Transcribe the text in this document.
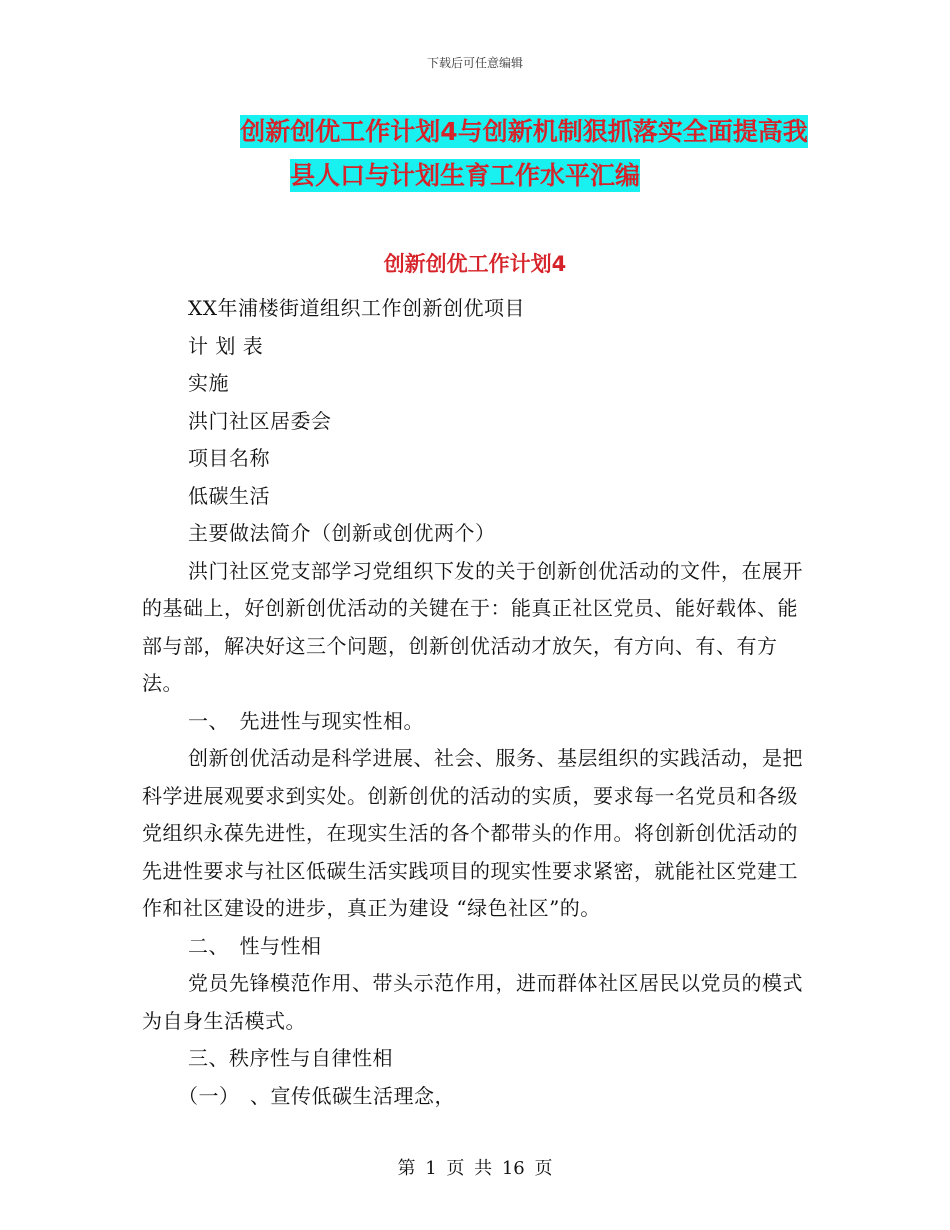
下载后可任意编辑
创新创优工作计划4与创新机制狠抓落实全面提高我
县人口与计划生育工作水平汇编
创新创优工作计划4

XX年浦楼街道组织工作创新创优项目

计 划 表

实施

洪门社区居委会

项目名称

低碳生活

主要做法简介（创新或创优两个）

洪门社区党支部学习党组织下发的关于创新创优活动的文件，在展开的基础上，好创新创优活动的关键在于：能真正社区党员、能好载体、能部与部，解决好这三个问题，创新创优活动才放矢，有方向、有、有方法。

一、　先进性与现实性相。

创新创优活动是科学进展、社会、服务、基层组织的实践活动，是把科学进展观要求到实处。创新创优的活动的实质，要求每一名党员和各级党组织永葆先进性，在现实生活的各个都带头的作用。将创新创优活动的先进性要求与社区低碳生活实践项目的现实性要求紧密，就能社区党建工作和社区建设的进步，真正为建设 “绿色社区”的。

二、　性与性相

党员先锋模范作用、带头示范作用，进而群体社区居民以党员的模式为自身生活模式。

三、秩序性与自律性相

（一）　、宣传低碳生活理念，

第 1 页 共 16 页
